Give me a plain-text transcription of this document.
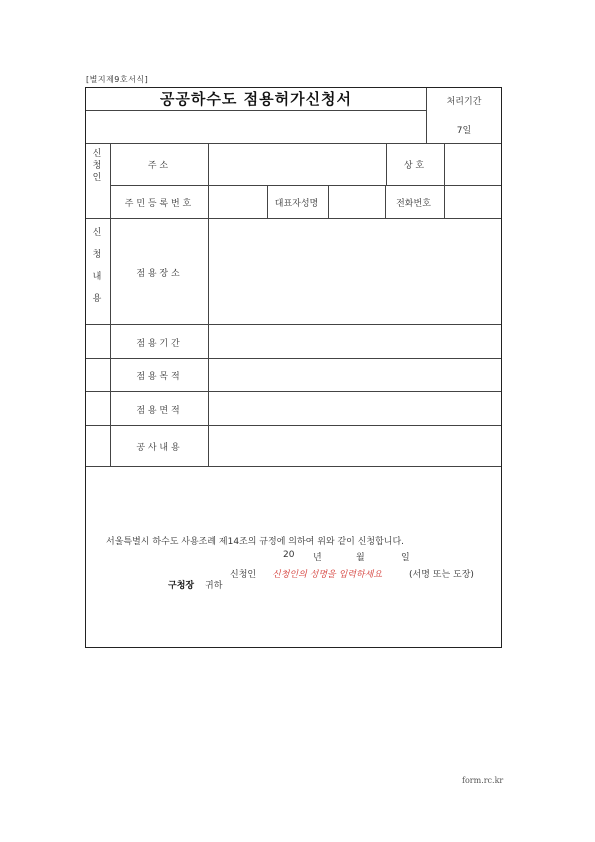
[별지제9호서식]
공공하수도 점용허가신청서	처리기간
7일
신
청
인
주 소	상 호
주 민 등 록 번 호	대표자성명	전화번호
신
청
내
용
점 용 장 소
점 용 기 간
점 용 목 적
점 용 면 적
공 사 내 용
서울특별시 하수도 사용조례 제14조의 규정에 의하여 위와 같이 신청합니다.
20 년	월	일
신청인 신청인의 성명을 입력하세요	(서명 또는 도장)
구청장 귀하
form.rc.kr
